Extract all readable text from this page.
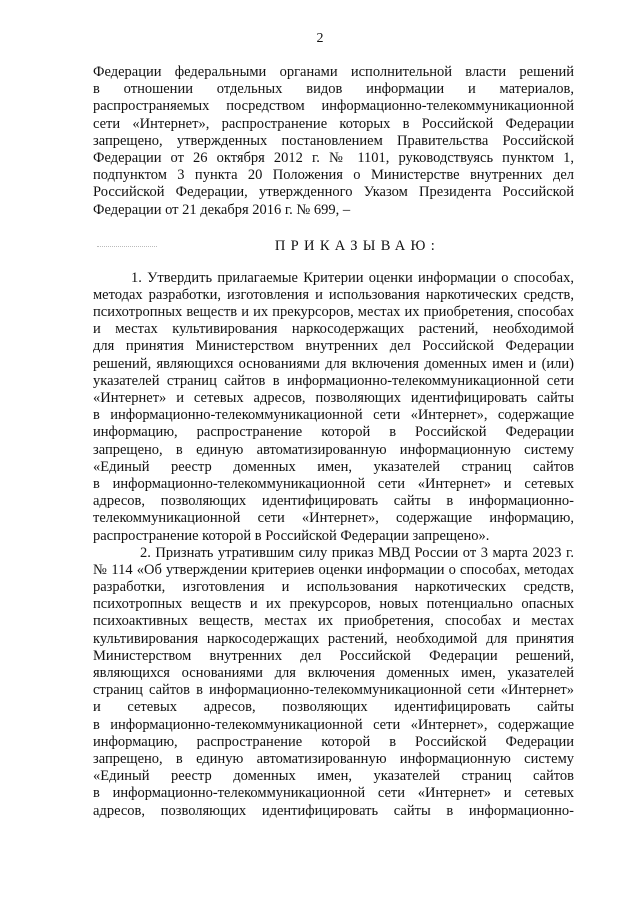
2
Федерации федеральными органами исполнительной власти решений
в отношении отдельных видов информации и материалов,
распространяемых посредством информационно-телекоммуникационной
сети «Интернет», распространение которых в Российской Федерации
запрещено, утвержденных постановлением Правительства Российской
Федерации от 26 октября 2012 г. № 1101, руководствуясь пунктом 1,
подпунктом 3 пункта 20 Положения о Министерстве внутренних дел
Российской Федерации, утвержденного Указом Президента Российской
Федерации от 21 декабря 2016 г. № 699, –
ПРИКАЗЫВАЮ:
1. Утвердить прилагаемые Критерии оценки информации о способах,
методах разработки, изготовления и использования наркотических средств,
психотропных веществ и их прекурсоров, местах их приобретения, способах
и местах культивирования наркосодержащих растений, необходимой
для принятия Министерством внутренних дел Российской Федерации
решений, являющихся основаниями для включения доменных имен и (или)
указателей страниц сайтов в информационно-телекоммуникационной сети
«Интернет» и сетевых адресов, позволяющих идентифицировать сайты
в информационно-телекоммуникационной сети «Интернет», содержащие
информацию, распространение которой в Российской Федерации
запрещено, в единую автоматизированную информационную систему
«Единый реестр доменных имен, указателей страниц сайтов
в информационно-телекоммуникационной сети «Интернет» и сетевых
адресов, позволяющих идентифицировать сайты в информационно-
телекоммуникационной сети «Интернет», содержащие информацию,
распространение которой в Российской Федерации запрещено».
2. Признать утратившим силу приказ МВД России от 3 марта 2023 г.
№ 114 «Об утверждении критериев оценки информации о способах, методах
разработки, изготовления и использования наркотических средств,
психотропных веществ и их прекурсоров, новых потенциально опасных
психоактивных веществ, местах их приобретения, способах и местах
культивирования наркосодержащих растений, необходимой для принятия
Министерством внутренних дел Российской Федерации решений,
являющихся основаниями для включения доменных имен, указателей
страниц сайтов в информационно-телекоммуникационной сети «Интернет»
и сетевых адресов, позволяющих идентифицировать сайты
в информационно-телекоммуникационной сети «Интернет», содержащие
информацию, распространение которой в Российской Федерации
запрещено, в единую автоматизированную информационную систему
«Единый реестр доменных имен, указателей страниц сайтов
в информационно-телекоммуникационной сети «Интернет» и сетевых
адресов, позволяющих идентифицировать сайты в информационно-
